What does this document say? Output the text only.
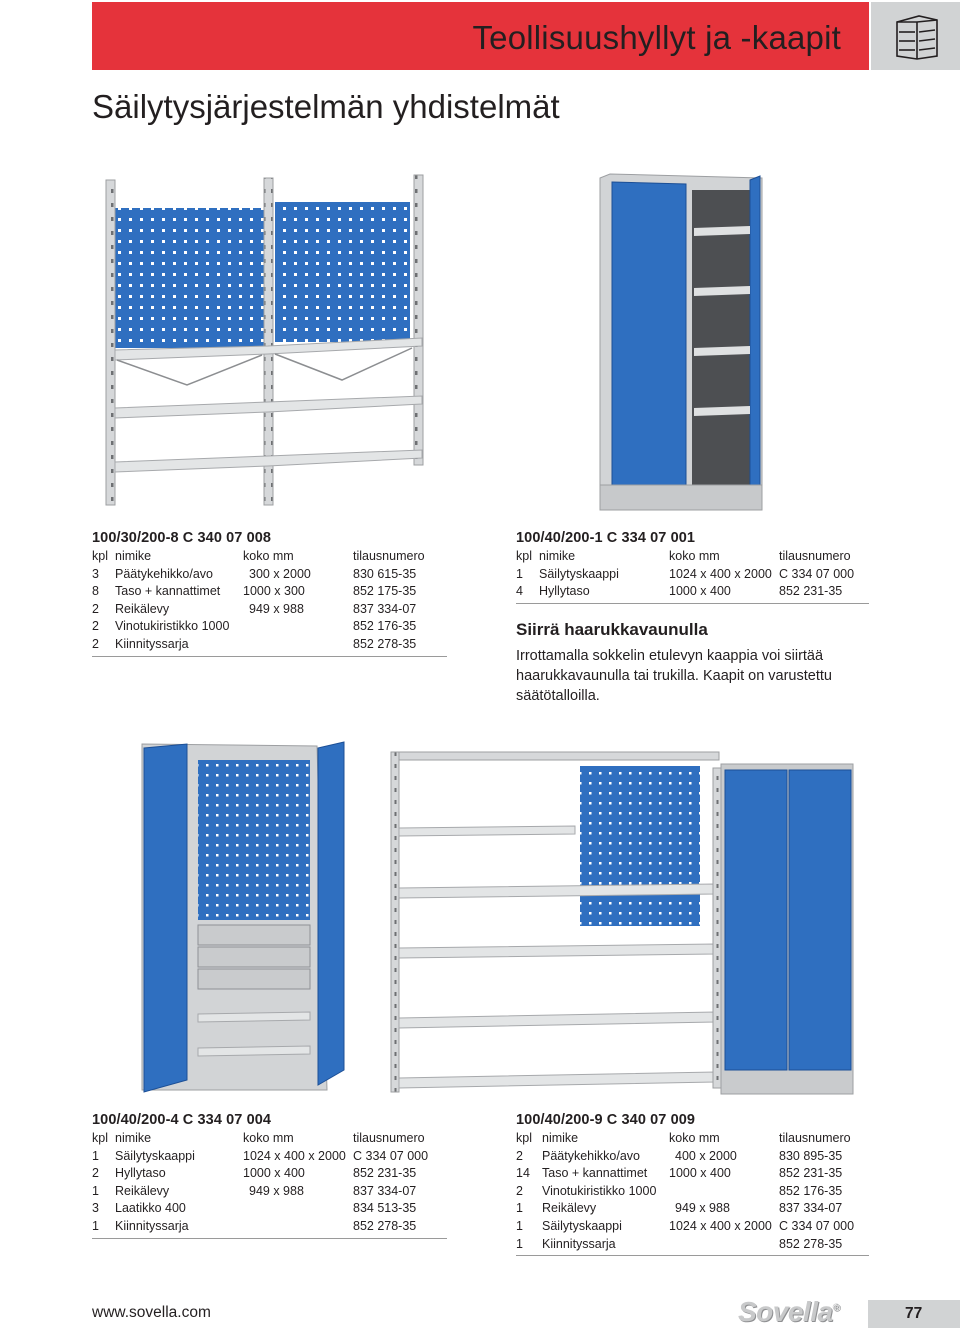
Teollisuushyllyt ja -kaapit
Säilytysjärjestelmän yhdistelmät
100/30/200-8 C 340 07 008
kpl	nimike	koko mm	tilausnumero
3	Päätykehikko/avo	300 x 2000	830 615-35
8	Taso + kannattimet	1000 x 300	852 175-35
2	Reikälevy	949 x 988	837 334-07
2	Vinotukiristikko 1000		852 176-35
2	Kiinnityssarja		852 278-35
100/40/200-1 C 334 07 001
kpl	nimike	koko mm	tilausnumero
1	Säilytyskaappi	1024 x 400 x 2000	C 334 07 000
4	Hyllytaso	1000 x 400	852 231-35
Siirrä haarukkavaunulla
Irrottamalla sokkelin etulevyn kaappia voi siirtää haarukkavaunulla tai trukilla. Kaapit on varustettu säätötalloilla.
100/40/200-4 C 334 07 004
kpl	nimike	koko mm	tilausnumero
1	Säilytyskaappi	1024 x 400 x 2000	C 334 07 000
2	Hyllytaso	1000 x 400	852 231-35
1	Reikälevy	949 x 988	837 334-07
3	Laatikko 400		834 513-35
1	Kiinnityssarja		852 278-35
100/40/200-9 C 340 07 009
kpl	nimike	koko mm	tilausnumero
2	Päätykehikko/avo	400 x 2000	830 895-35
14	Taso + kannattimet	1000 x 400	852 231-35
2	Vinotukiristikko 1000		852 176-35
1	Reikälevy	949 x 988	837 334-07
1	Säilytyskaappi	1024 x 400 x 2000	C 334 07 000
1	Kiinnityssarja		852 278-35
www.sovella.com	Sovella®	77
